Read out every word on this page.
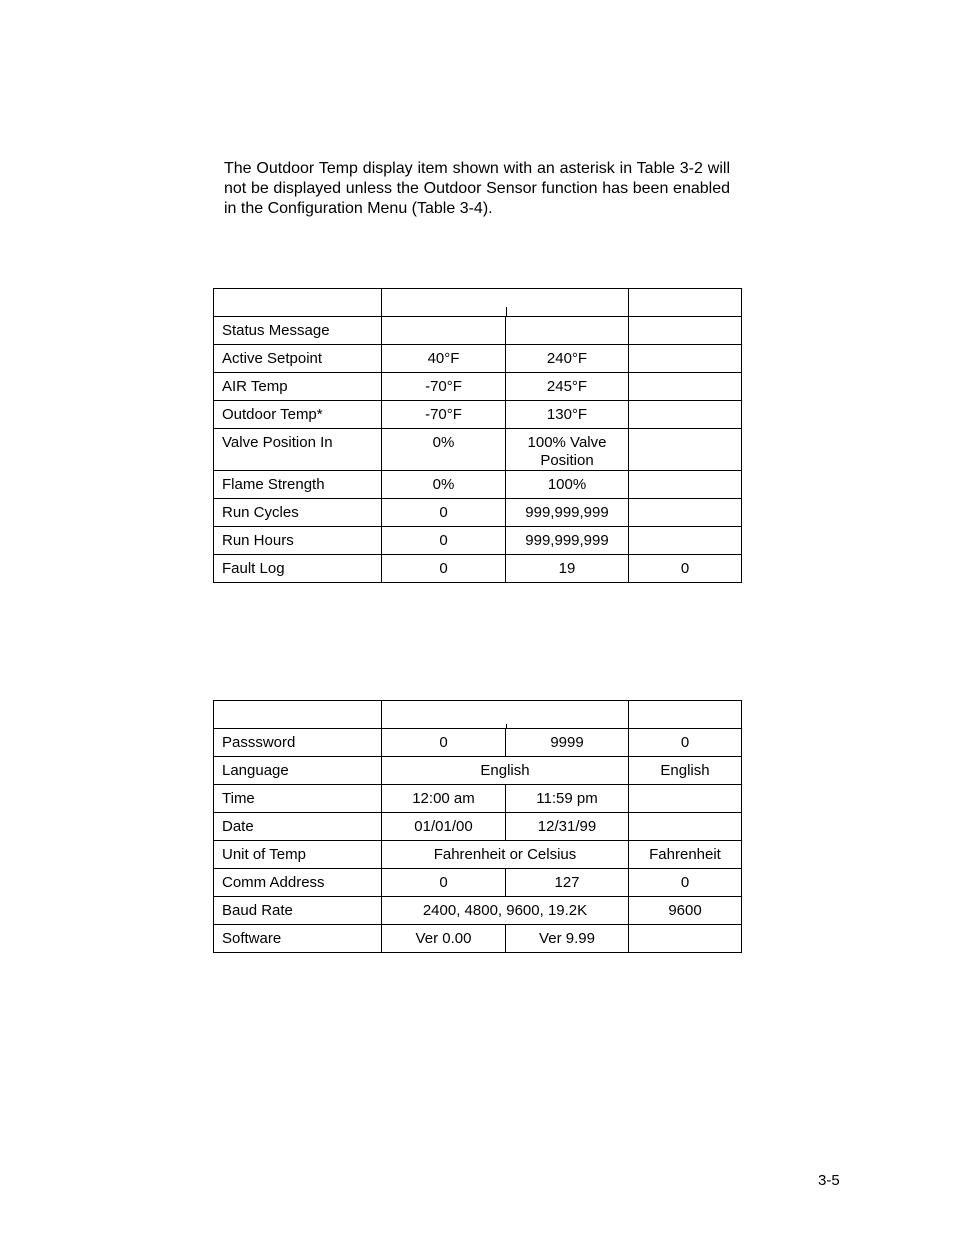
The Outdoor Temp display item shown with an asterisk in Table 3-2 will not be displayed unless the Outdoor Sensor function has been enabled in the Configuration Menu (Table 3-4).

Status Message			
Active Setpoint	40°F	240°F	
AIR Temp	-70°F	245°F	
Outdoor Temp*	-70°F	130°F	
Valve Position In	0%	100% Valve Position	
Flame Strength	0%	100%	
Run Cycles	0	999,999,999	
Run Hours	0	999,999,999	
Fault Log	0	19	0

Passsword	0	9999	0
Language	English		English
Time	12:00 am	11:59 pm	
Date	01/01/00	12/31/99	
Unit of Temp	Fahrenheit or Celsius		Fahrenheit
Comm Address	0	127	0
Baud Rate	2400, 4800, 9600, 19.2K		9600
Software	Ver 0.00	Ver 9.99	
3-5
